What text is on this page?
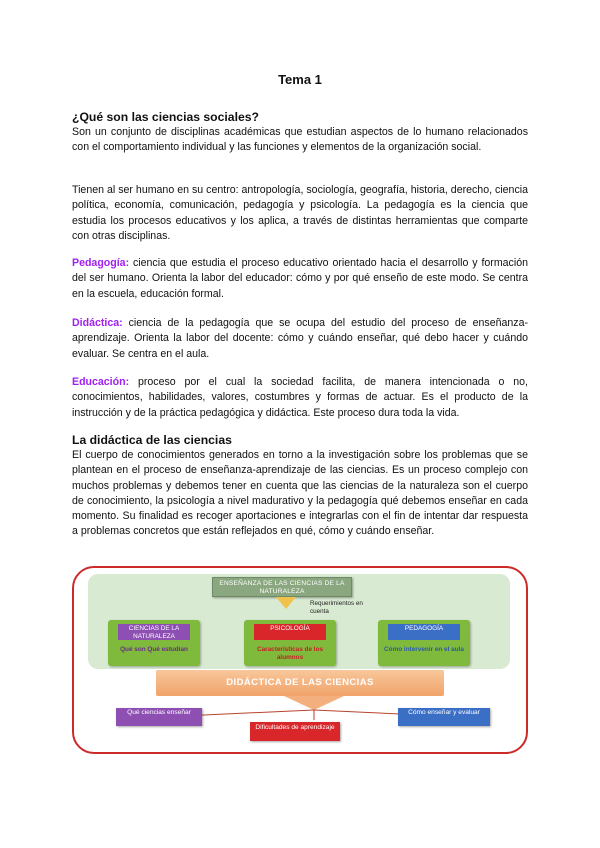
Tema 1
¿Qué son las ciencias sociales?

Son un conjunto de disciplinas académicas que estudian aspectos de lo humano relacionados con el comportamiento individual y las funciones y elementos de la organización social.

Tienen al ser humano en su centro: antropología, sociología, geografía, historia, derecho, ciencia política, economía, comunicación, pedagogía y psicología. La pedagogía es la ciencia que estudia los procesos educativos y los aplica, a través de distintas herramientas que comparte con otras disciplinas.

Pedagogía: ciencia que estudia el proceso educativo orientado hacia el desarrollo y formación del ser humano. Orienta la labor del educador: cómo y por qué enseño de este modo. Se centra en la escuela, educación formal.

Didáctica: ciencia de la pedagogía que se ocupa del estudio del proceso de enseñanza-aprendizaje. Orienta la labor del docente: cómo y cuándo enseñar, qué debo hacer y cuándo evaluar. Se centra en el aula.

Educación: proceso por el cual la sociedad facilita, de manera intencionada o no, conocimientos, habilidades, valores, costumbres y formas de actuar. Es el producto de la instrucción y de la práctica pedagógica y didáctica. Este proceso dura toda la vida.

La didáctica de las ciencias

El cuerpo de conocimientos generados en torno a la investigación sobre los problemas que se plantean en el proceso de enseñanza-aprendizaje de las ciencias. Es un proceso complejo con muchos problemas y debemos tener en cuenta que las ciencias de la naturaleza son el cuerpo de conocimiento, la psicología a nivel madurativo y la pedagogía qué debemos enseñar en cada momento. Su finalidad es recoger aportaciones e integrarlas con el fin de intentar dar respuesta a problemas concretos que están reflejados en qué, cómo y cuándo enseñar.

ENSEÑANZA DE LAS CIENCIAS DE LA NATURALEZA
Requerimientos en cuenta
CIENCIAS DE LA NATURALEZA
Qué son Qué estudian
PSICOLOGÍA
Características de los alumnos
PEDAGOGÍA
Cómo intervenir en el aula
DIDÁCTICA DE LAS CIENCIAS
Qué ciencias enseñar
Dificultades de aprendizaje
Cómo enseñar y evaluar
